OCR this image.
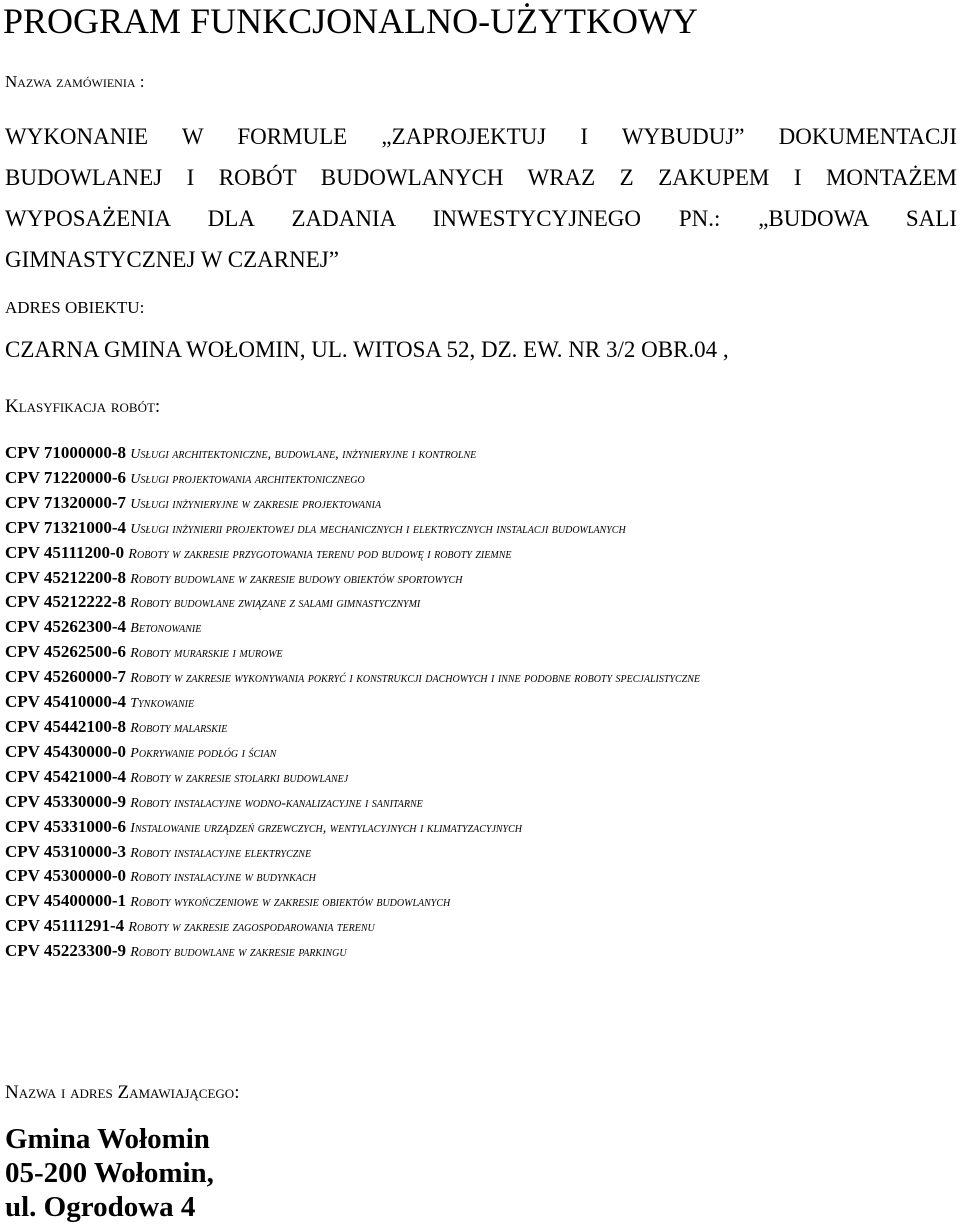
PROGRAM FUNKCJONALNO-UŻYTKOWY
Nazwa zamówienia :
WYKONANIE W FORMULE „ZAPROJEKTUJ I WYBUDUJ” DOKUMENTACJI
BUDOWLANEJ I ROBÓT BUDOWLANYCH WRAZ Z ZAKUPEM I MONTAŻEM
WYPOSAŻENIA DLA ZADANIA INWESTYCYJNEGO PN.: „BUDOWA SALI
GIMNASTYCZNEJ W CZARNEJ”
ADRES OBIEKTU:
CZARNA GMINA WOŁOMIN, UL. WITOSA 52, DZ. EW. NR 3/2 OBR.04 ,
Klasyfikacja robót:
CPV 71000000-8 Usługi architektoniczne, budowlane, inżynieryjne i kontrolne
CPV 71220000-6 Usługi projektowania architektonicznego
CPV 71320000-7 Usługi inżynieryjne w zakresie projektowania
CPV 71321000-4 Usługi inżynierii projektowej dla mechanicznych i elektrycznych instalacji budowlanych
CPV 45111200-0 Roboty w zakresie przygotowania terenu pod budowę i roboty ziemne
CPV 45212200-8 Roboty budowlane w zakresie budowy obiektów sportowych
CPV 45212222-8 Roboty budowlane związane z salami gimnastycznymi
CPV 45262300-4 Betonowanie
CPV 45262500-6 Roboty murarskie i murowe
CPV 45260000-7 Roboty w zakresie wykonywania pokryć i konstrukcji dachowych i inne podobne roboty specjalistyczne
CPV 45410000-4 Tynkowanie
CPV 45442100-8 Roboty malarskie
CPV 45430000-0 Pokrywanie podłóg i ścian
CPV 45421000-4 Roboty w zakresie stolarki budowlanej
CPV 45330000-9 Roboty instalacyjne wodno-kanalizacyjne i sanitarne
CPV 45331000-6 Instalowanie urządzeń grzewczych, wentylacyjnych i klimatyzacyjnych
CPV 45310000-3 Roboty instalacyjne elektryczne
CPV 45300000-0 Roboty instalacyjne w budynkach
CPV 45400000-1 Roboty wykończeniowe w zakresie obiektów budowlanych
CPV 45111291-4 Roboty w zakresie zagospodarowania terenu
CPV 45223300-9 Roboty budowlane w zakresie parkingu
Nazwa i adres Zamawiającego:
Gmina Wołomin
05-200 Wołomin,
ul. Ogrodowa 4
